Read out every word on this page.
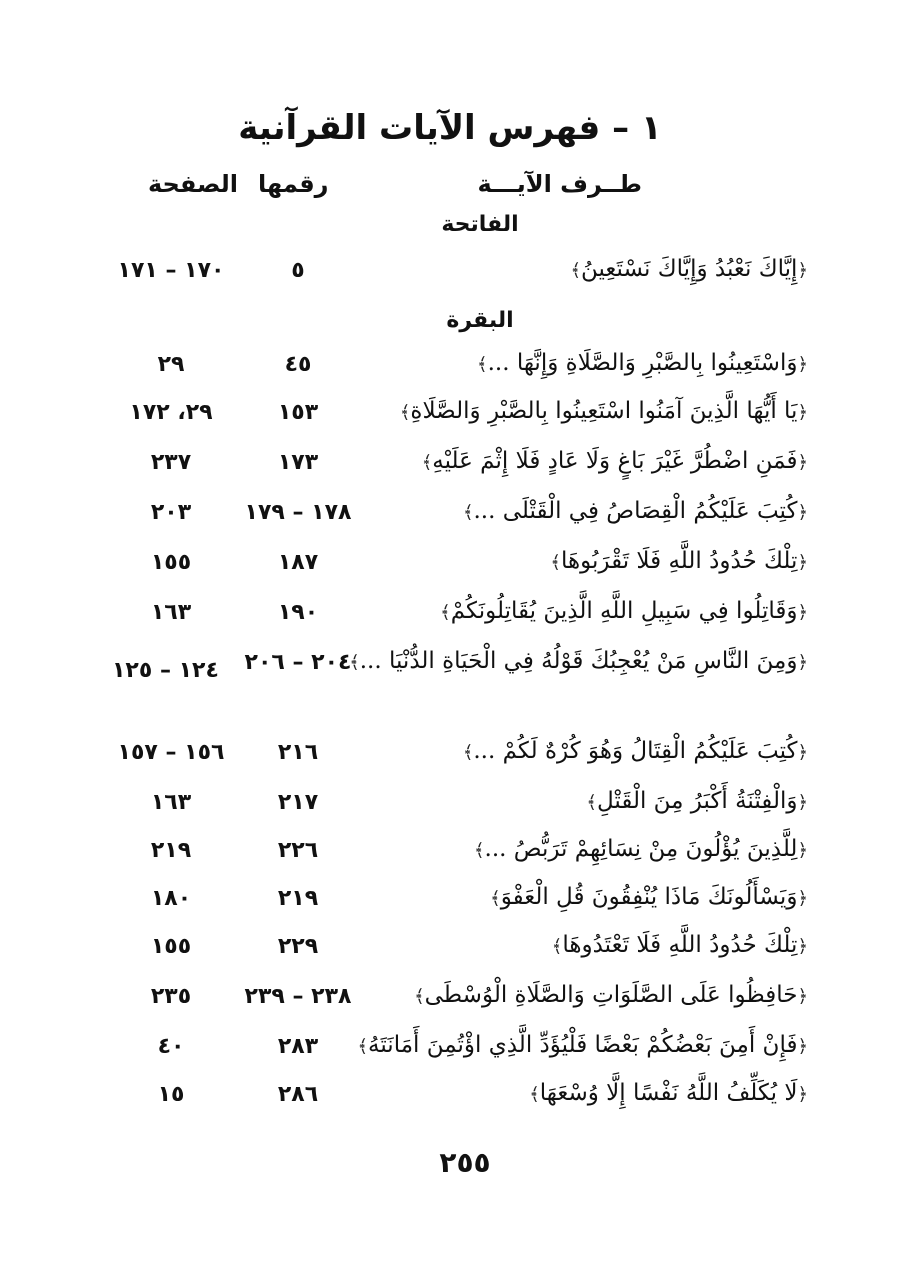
١ – فهرس الآيات القرآنية
طــرف الآيـــة
رقمها
الصفحة
الفاتحة
﴿إِيَّاكَ نَعْبُدُ وَإِيَّاكَ نَسْتَعِينُ﴾
٥
١٧٠ – ١٧١
البقرة
﴿وَاسْتَعِينُوا بِالصَّبْرِ وَالصَّلَاةِ وَإِنَّهَا ...﴾
٤٥
٢٩
﴿يَا أَيُّهَا الَّذِينَ آمَنُوا اسْتَعِينُوا بِالصَّبْرِ وَالصَّلَاةِ﴾
١٥٣
٢٩، ١٧٢
﴿فَمَنِ اضْطُرَّ غَيْرَ بَاغٍ وَلَا عَادٍ فَلَا إِثْمَ عَلَيْهِ﴾
١٧٣
٢٣٧
﴿كُتِبَ عَلَيْكُمُ الْقِصَاصُ فِي الْقَتْلَى ...﴾
١٧٨ – ١٧٩
٢٠٣
﴿تِلْكَ حُدُودُ اللَّهِ فَلَا تَقْرَبُوهَا﴾
١٨٧
١٥٥
﴿وَقَاتِلُوا فِي سَبِيلِ اللَّهِ الَّذِينَ يُقَاتِلُونَكُمْ﴾
١٩٠
١٦٣
﴿وَمِنَ النَّاسِ مَنْ يُعْجِبُكَ قَوْلُهُ فِي الْحَيَاةِ الدُّنْيَا ...﴾
٢٠٤ – ٢٠٦
١٢٤ – ١٢٥
﴿كُتِبَ عَلَيْكُمُ الْقِتَالُ وَهُوَ كُرْهٌ لَكُمْ ...﴾
٢١٦
١٥٦ – ١٥٧
﴿وَالْفِتْنَةُ أَكْبَرُ مِنَ الْقَتْلِ﴾
٢١٧
١٦٣
﴿لِلَّذِينَ يُؤْلُونَ مِنْ نِسَائِهِمْ تَرَبُّصُ ...﴾
٢٢٦
٢١٩
﴿وَيَسْأَلُونَكَ مَاذَا يُنْفِقُونَ قُلِ الْعَفْوَ﴾
٢١٩
١٨٠
﴿تِلْكَ حُدُودُ اللَّهِ فَلَا تَعْتَدُوهَا﴾
٢٢٩
١٥٥
﴿حَافِظُوا عَلَى الصَّلَوَاتِ وَالصَّلَاةِ الْوُسْطَى﴾
٢٣٨ – ٢٣٩
٢٣٥
﴿فَإِنْ أَمِنَ بَعْضُكُمْ بَعْضًا فَلْيُؤَدِّ الَّذِي اؤْتُمِنَ أَمَانَتَهُ﴾
٢٨٣
٤٠
﴿لَا يُكَلِّفُ اللَّهُ نَفْسًا إِلَّا وُسْعَهَا﴾
٢٨٦
١٥
٢٥٥
